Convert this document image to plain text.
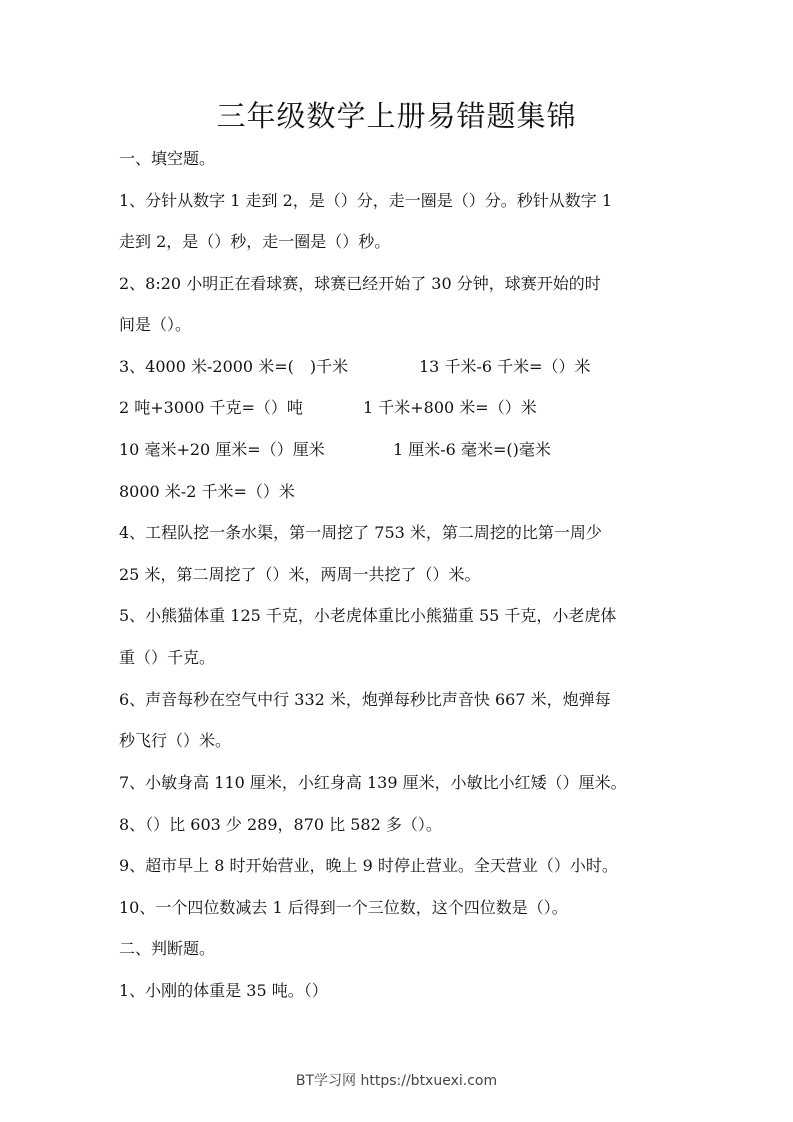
三年级数学上册易错题集锦
一、填空题。
1、分针从数字 1 走到 2，是（）分，走一圈是（）分。秒针从数字 1
走到 2，是（）秒，走一圈是（）秒。
2、8:20 小明正在看球赛，球赛已经开始了 30 分钟，球赛开始的时
间是（）。
3、4000 米-2000 米=(　)千米	13 千米-6 千米=（）米
2 吨+3000 千克=（）吨	1 千米+800 米=（）米
10 毫米+20 厘米=（）厘米	1 厘米-6 毫米=()毫米
8000 米-2 千米=（）米
4、工程队挖一条水渠，第一周挖了 753 米，第二周挖的比第一周少
25 米，第二周挖了（）米，两周一共挖了（）米。
5、小熊猫体重 125 千克，小老虎体重比小熊猫重 55 千克，小老虎体
重（）千克。
6、声音每秒在空气中行 332 米，炮弹每秒比声音快 667 米，炮弹每
秒飞行（）米。
7、小敏身高 110 厘米，小红身高 139 厘米，小敏比小红矮（）厘米。
8、（）比 603 少 289，870 比 582 多（）。
9、超市早上 8 时开始营业，晚上 9 时停止营业。全天营业（）小时。
10、一个四位数减去 1 后得到一个三位数，这个四位数是（）。
二、判断题。
1、小刚的体重是 35 吨。（）
BT学习网 https://btxuexi.com
